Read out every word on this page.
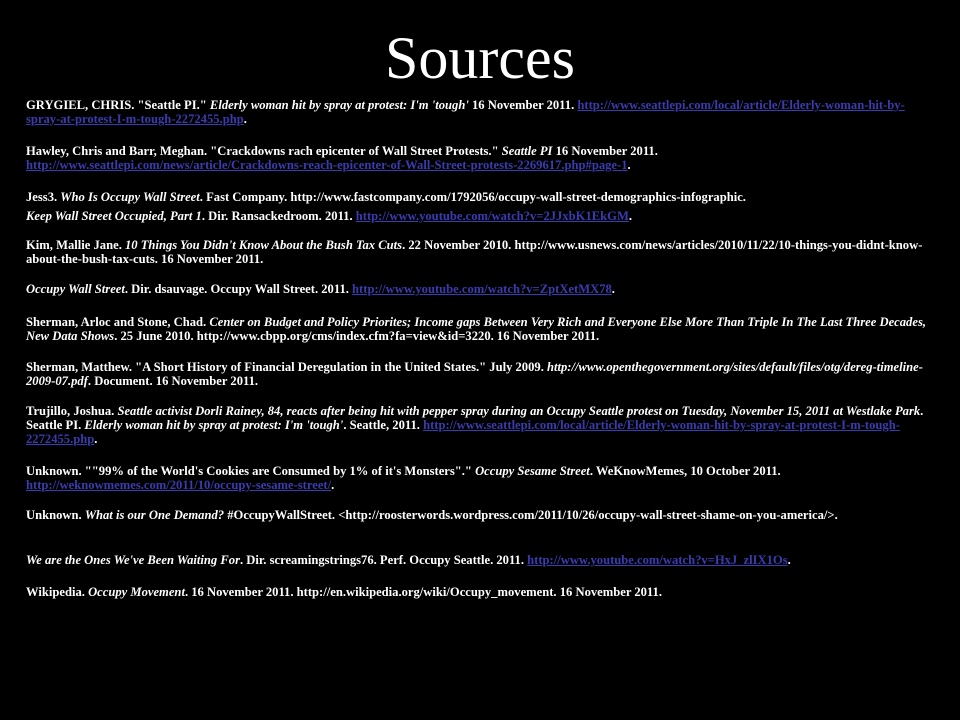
Sources

GRYGIEL, CHRIS. "Seattle PI." Elderly woman hit by spray at protest: I'm 'tough' 16 November 2011. http://www.seattlepi.com/local/article/Elderly-woman-hit-by-spray-at-protest-I-m-tough-2272455.php.

Hawley, Chris and Barr, Meghan. "Crackdowns rach epicenter of Wall Street Protests." Seattle PI 16 November 2011. http://www.seattlepi.com/news/article/Crackdowns-reach-epicenter-of-Wall-Street-protests-2269617.php#page-1.

Jess3. Who Is Occupy Wall Street. Fast Company. http://www.fastcompany.com/1792056/occupy-wall-street-demographics-infographic.

Keep Wall Street Occupied, Part 1. Dir. Ransackedroom. 2011. http://www.youtube.com/watch?v=2JJxbK1EkGM.

Kim, Mallie Jane. 10 Things You Didn't Know About the Bush Tax Cuts. 22 November 2010. http://www.usnews.com/news/articles/2010/11/22/10-things-you-didnt-know-about-the-bush-tax-cuts. 16 November 2011.

Occupy Wall Street. Dir. dsauvage. Occupy Wall Street. 2011. http://www.youtube.com/watch?v=ZptXetMX78.

Sherman, Arloc and Stone, Chad. Center on Budget and Policy Priorites; Income gaps Between Very Rich and Everyone Else More Than Triple In The Last Three Decades, New Data Shows. 25 June 2010. http://www.cbpp.org/cms/index.cfm?fa=view&id=3220. 16 November 2011.

Sherman, Matthew. "A Short History of Financial Deregulation in the United States." July 2009. http://www.openthegovernment.org/sites/default/files/otg/dereg-timeline-2009-07.pdf. Document. 16 November 2011.

Trujillo, Joshua. Seattle activist Dorli Rainey, 84, reacts after being hit with pepper spray during an Occupy Seattle protest on Tuesday, November 15, 2011 at Westlake Park. Seattle PI. Elderly woman hit by spray at protest: I'm 'tough'. Seattle, 2011. http://www.seattlepi.com/local/article/Elderly-woman-hit-by-spray-at-protest-I-m-tough-2272455.php.

Unknown. ""99% of the World's Cookies are Consumed by 1% of it's Monsters"." Occupy Sesame Street. WeKnowMemes, 10 October 2011. http://weknowmemes.com/2011/10/occupy-sesame-street/.

Unknown. What is our One Demand? #OccupyWallStreet. <http://roosterwords.wordpress.com/2011/10/26/occupy-wall-street-shame-on-you-america/>.

We are the Ones We've Been Waiting For. Dir. screamingstrings76. Perf. Occupy Seattle. 2011. http://www.youtube.com/watch?v=HxJ_zlIX1Os.

Wikipedia. Occupy Movement. 16 November 2011. http://en.wikipedia.org/wiki/Occupy_movement. 16 November 2011.
